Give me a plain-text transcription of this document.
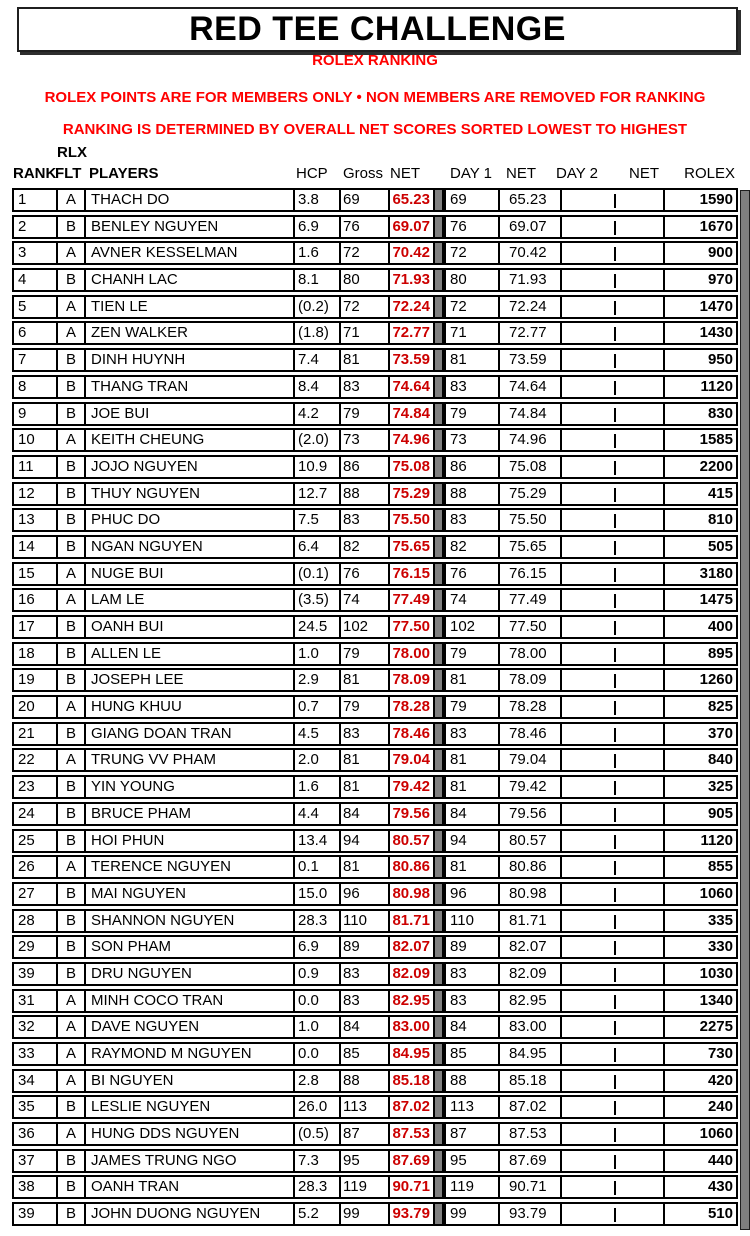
RED TEE CHALLENGE
ROLEX RANKING
ROLEX POINTS ARE FOR MEMBERS ONLY • NON MEMBERS ARE REMOVED FOR RANKING
RANKING IS DETERMINED BY OVERALL NET SCORES SORTED LOWEST TO HIGHEST
RANK
RLX
FLT PLAYERS	HCP Gross NET DAY 1 NET DAY 2 NET ROLEX
1	A	THACH DO	3.8	69	65.23	69	65.23	1590
2	B	BENLEY NGUYEN	6.9	76	69.07	76	69.07	1670
3	A	AVNER KESSELMAN	1.6	72	70.42	72	70.42	900
4	B	CHANH LAC	8.1	80	71.93	80	71.93	970
5	A	TIEN LE	(0.2) 72	72.24	72	72.24	1470
6	A	ZEN WALKER	(1.8) 71	72.77	71	72.77	1430
7	B	DINH HUYNH	7.4	81	73.59	81	73.59	950
8	B	THANG TRAN	8.4	83	74.64	83	74.64	1120
9	B	JOE BUI	4.2	79	74.84	79	74.84	830
10	A	KEITH CHEUNG	(2.0) 73	74.96	73	74.96	1585
11	B	JOJO NGUYEN	10.9	86	75.08	86	75.08	2200
12	B	THUY NGUYEN	12.7	88	75.29	88	75.29	415
13	B	PHUC DO	7.5	83	75.50	83	75.50	810
14	B	NGAN NGUYEN	6.4	82	75.65	82	75.65	505
15	A	NUGE BUI	(0.1) 76	76.15	76	76.15	3180
16	A	LAM LE	(3.5) 74	77.49	74	77.49	1475
17	B	OANH BUI	24.5	102	77.50	102	77.50	400
18	B	ALLEN LE	1.0	79	78.00	79	78.00	895
19	B	JOSEPH LEE	2.9	81	78.09	81	78.09	1260
20	A	HUNG KHUU	0.7	79	78.28	79	78.28	825
21	B	GIANG DOAN TRAN	4.5	83	78.46	83	78.46	370
22	A	TRUNG VV PHAM	2.0	81	79.04	81	79.04	840
23	B	YIN YOUNG	1.6	81	79.42	81	79.42	325
24	B	BRUCE PHAM	4.4	84	79.56	84	79.56	905
25	B	HOI PHUN	13.4	94	80.57	94	80.57	1120
26	A	TERENCE NGUYEN	0.1	81	80.86	81	80.86	855
27	B	MAI NGUYEN	15.0	96	80.98	96	80.98	1060
28	B	SHANNON NGUYEN	28.3	110	81.71	110	81.71	335
29	B	SON PHAM	6.9	89	82.07	89	82.07	330
39	B	DRU NGUYEN	0.9	83	82.09	83	82.09	1030
31	A	MINH COCO TRAN	0.0	83	82.95	83	82.95	1340
32	A	DAVE NGUYEN	1.0	84	83.00	84	83.00	2275
33	A	RAYMOND M NGUYEN	0.0	85	84.95	85	84.95	730
34	A	BI NGUYEN	2.8	88	85.18	88	85.18	420
35	B	LESLIE NGUYEN	26.0	113	87.02	113	87.02	240
36	A	HUNG DDS NGUYEN	(0.5) 87	87.53	87	87.53	1060
37	B	JAMES TRUNG NGO	7.3	95	87.69	95	87.69	440
38	B	OANH TRAN	28.3	119	90.71	119	90.71	430
39	B	JOHN DUONG NGUYEN	5.2	99	93.79	99	93.79	510
